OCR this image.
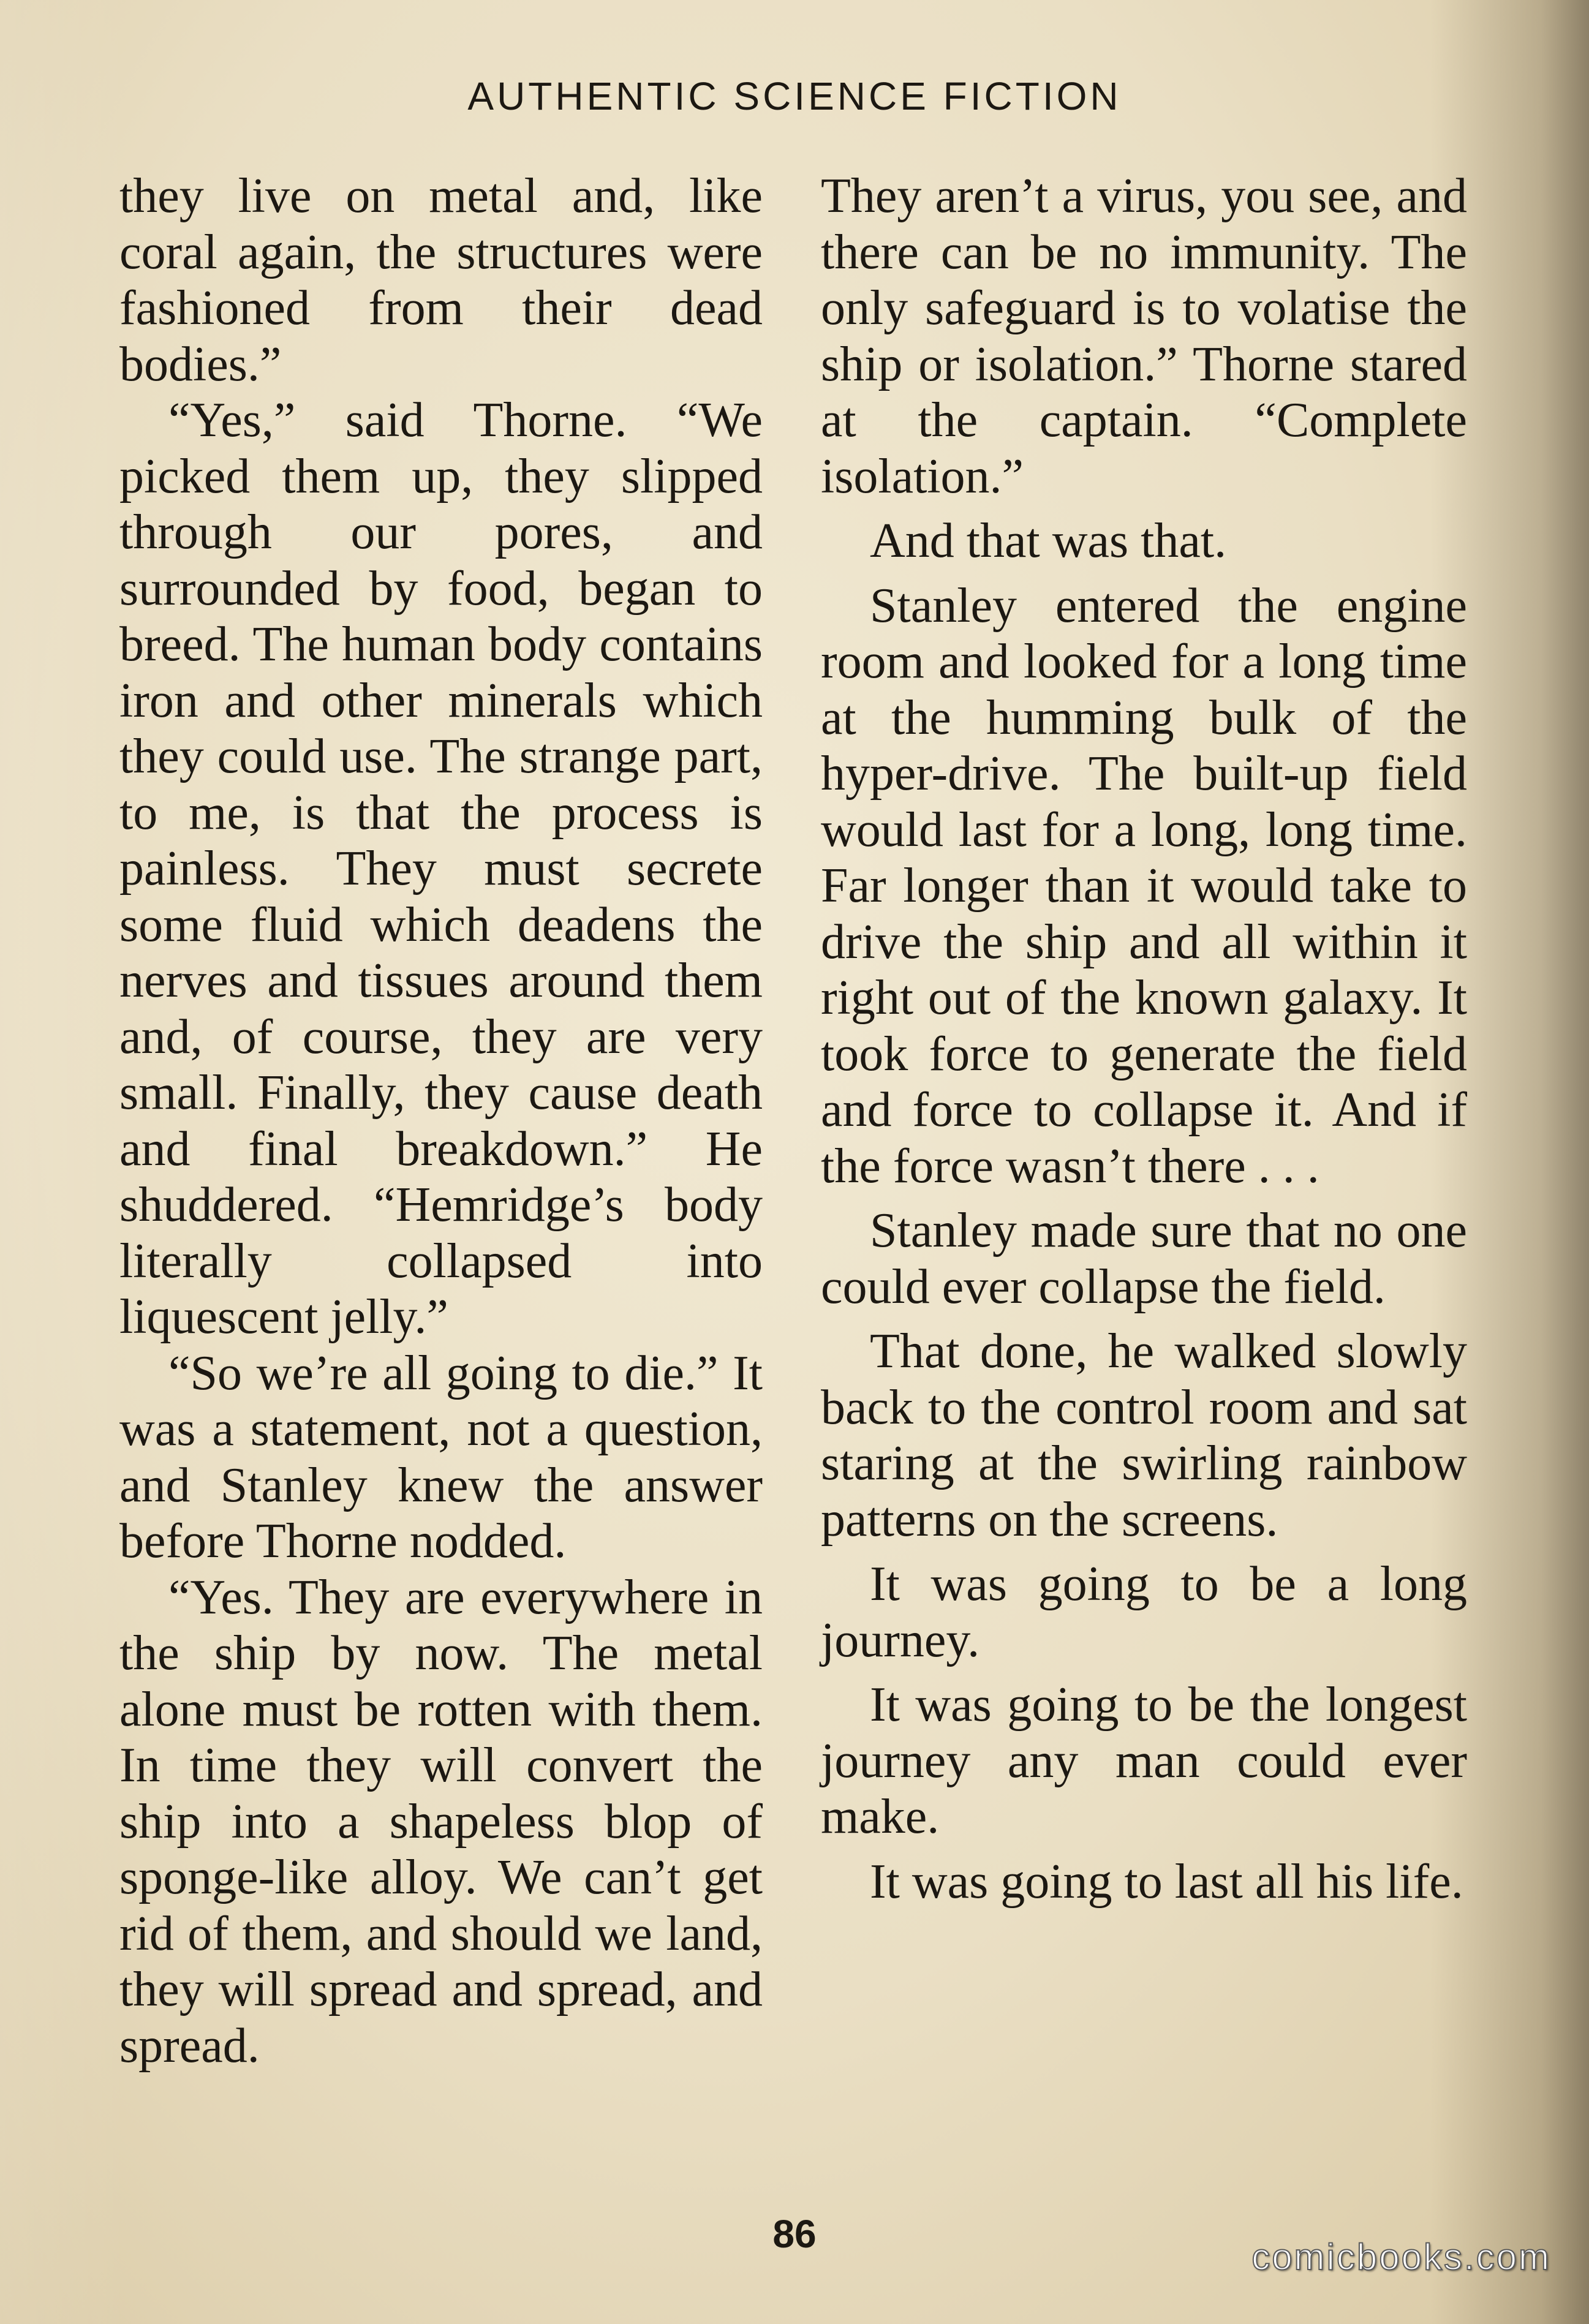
AUTHENTIC SCIENCE FICTION

they live on metal and, like coral again, the structures were fashioned from their dead bodies.”

“Yes,” said Thorne. “We picked them up, they slipped through our pores, and surrounded by food, began to breed. The human body contains iron and other minerals which they could use. The strange part, to me, is that the process is painless. They must secrete some fluid which deadens the nerves and tissues around them and, of course, they are very small. Finally, they cause death and final breakdown.” He shuddered. “Hemridge’s body literally collapsed into liquescent jelly.”

“So we’re all going to die.” It was a statement, not a question, and Stanley knew the answer before Thorne nodded.

“Yes. They are everywhere in the ship by now. The metal alone must be rotten with them. In time they will convert the ship into a shapeless blop of sponge-like alloy. We can’t get rid of them, and should we land, they will spread and spread, and spread.

They aren’t a virus, you see, and there can be no immunity. The only safeguard is to volatise the ship or isolation.” Thorne stared at the captain. “Complete isolation.”

And that was that.

Stanley entered the engine room and looked for a long time at the humming bulk of the hyper-drive. The built-up field would last for a long, long time. Far longer than it would take to drive the ship and all within it right out of the known galaxy. It took force to generate the field and force to collapse it. And if the force wasn’t there . . .

Stanley made sure that no one could ever collapse the field.

That done, he walked slowly back to the control room and sat staring at the swirling rainbow patterns on the screens.

It was going to be a long journey.

It was going to be the longest journey any man could ever make.

It was going to last all his life.

86
comicbooks.com
